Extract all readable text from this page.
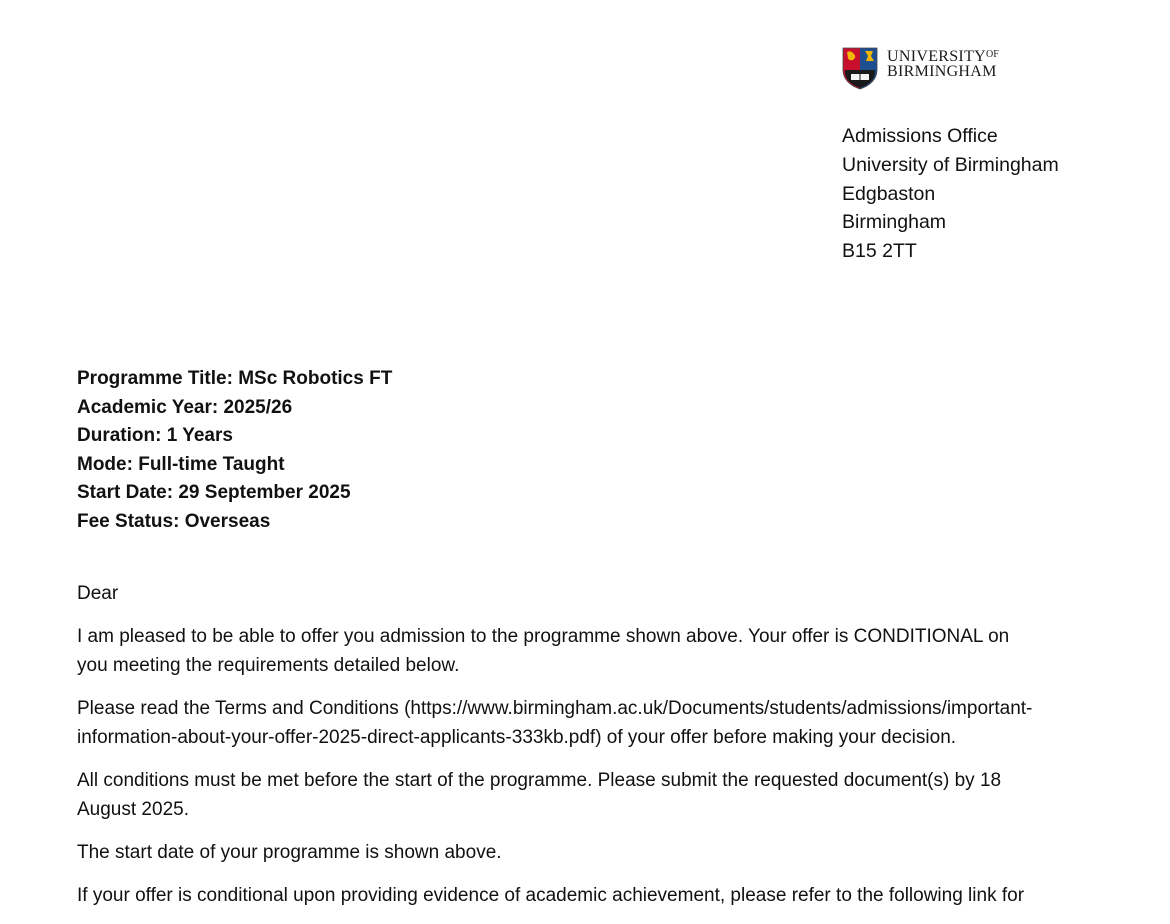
$UNIVERSITY^{OF}$
BIRMINGHAM
Admissions Office
University of Birmingham
Edgbaston
Birmingham
B15 2TT
Programme Title: MSc Robotics FT
Academic Year: 2025/26
Duration: 1 Years
Mode: Full-time Taught
Start Date: 29 September 2025
Fee Status: Overseas

Dear

I am pleased to be able to offer you admission to the programme shown above. Your offer is CONDITIONAL on
you meeting the requirements detailed below.

Please read the Terms and Conditions (https://www.birmingham.ac.uk/Documents/students/admissions/important-
information-about-your-offer-2025-direct-applicants-333kb.pdf) of your offer before making your decision.

All conditions must be met before the start of the programme. Please submit the requested document(s) by 18
August 2025.

The start date of your programme is shown above.

If your offer is conditional upon providing evidence of academic achievement, please refer to the following link for
